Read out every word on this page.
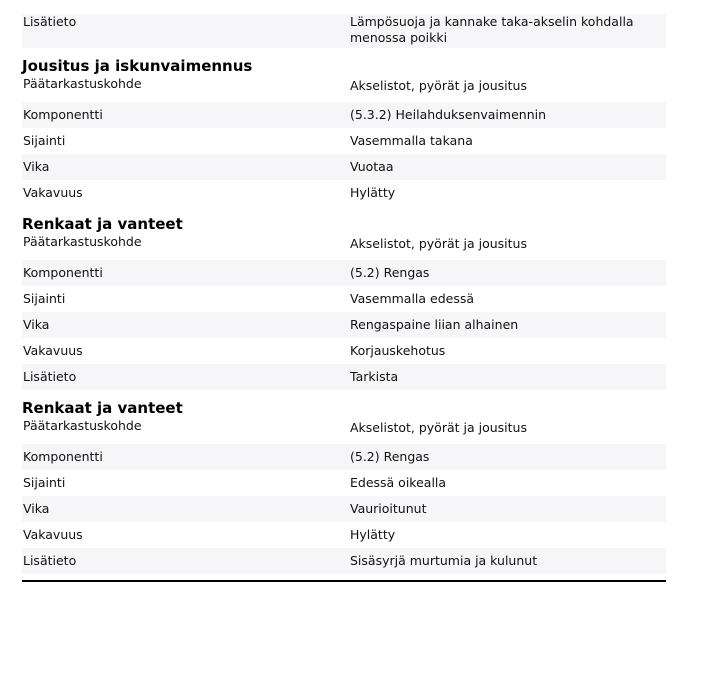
Lisätieto	Lämpösuoja ja kannake taka-akselin kohdalla
menossa poikki
Jousitus ja iskunvaimennus
Päätarkastuskohde	Akselistot, pyörät ja jousitus
Komponentti	(5.3.2) Heilahduksenvaimennin
Sijainti	Vasemmalla takana
Vika	Vuotaa
Vakavuus	Hylätty
Renkaat ja vanteet
Päätarkastuskohde	Akselistot, pyörät ja jousitus
Komponentti	(5.2) Rengas
Sijainti	Vasemmalla edessä
Vika	Rengaspaine liian alhainen
Vakavuus	Korjauskehotus
Lisätieto	Tarkista
Renkaat ja vanteet
Päätarkastuskohde	Akselistot, pyörät ja jousitus
Komponentti	(5.2) Rengas
Sijainti	Edessä oikealla
Vika	Vaurioitunut
Vakavuus	Hylätty
Lisätieto	Sisäsyrjä murtumia ja kulunut
